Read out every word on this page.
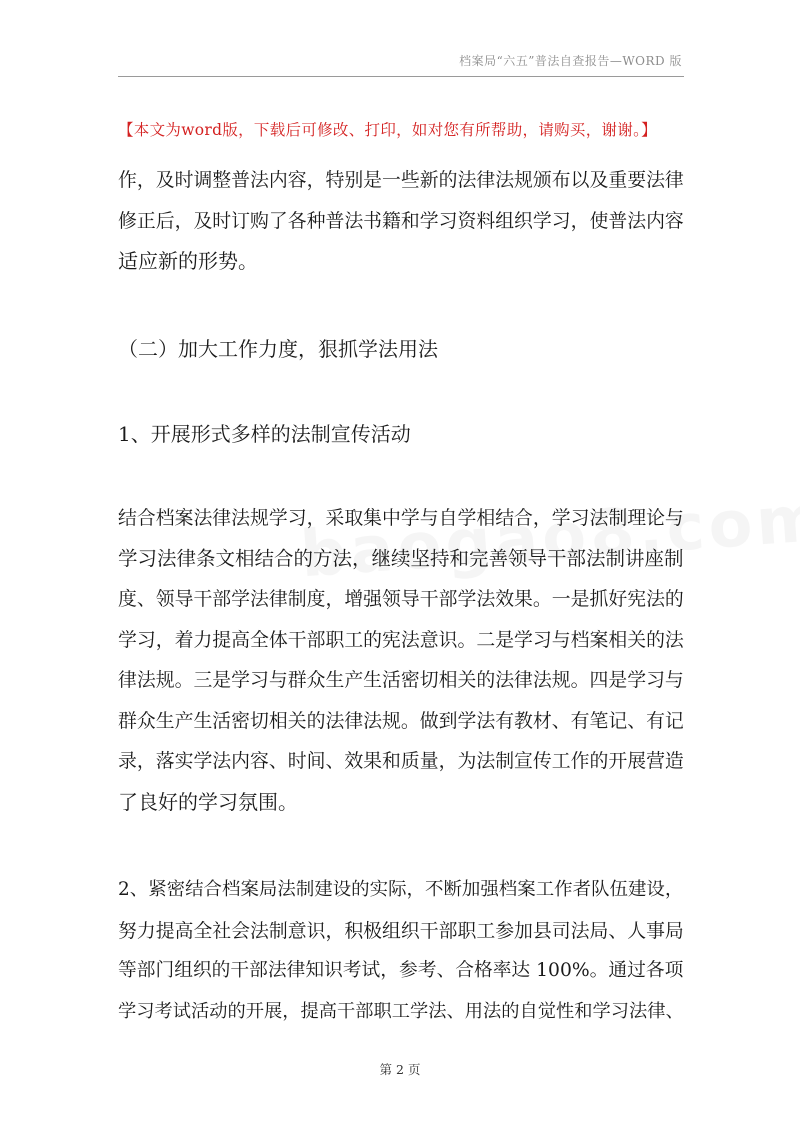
档案局“六五”普法自查报告—WORD 版
【本文为word版，下载后可修改、打印，如对您有所帮助，请购买，谢谢。】
作，及时调整普法内容，特别是一些新的法律法规颁布以及重要法律
修正后，及时订购了各种普法书籍和学习资料组织学习，使普法内容
适应新的形势。
（二）加大工作力度，狠抓学法用法
1、开展形式多样的法制宣传活动
结合档案法律法规学习，采取集中学与自学相结合，学习法制理论与
学习法律条文相结合的方法，继续坚持和完善领导干部法制讲座制
度、领导干部学法律制度，增强领导干部学法效果。一是抓好宪法的
学习，着力提高全体干部职工的宪法意识。二是学习与档案相关的法
律法规。三是学习与群众生产生活密切相关的法律法规。四是学习与
群众生产生活密切相关的法律法规。做到学法有教材、有笔记、有记
录，落实学法内容、时间、效果和质量，为法制宣传工作的开展营造
了良好的学习氛围。
2、紧密结合档案局法制建设的实际，不断加强档案工作者队伍建设，
努力提高全社会法制意识，积极组织干部职工参加县司法局、人事局
等部门组织的干部法律知识考试，参考、合格率达 100%。通过各项
学习考试活动的开展，提高干部职工学法、用法的自觉性和学习法律、
第 2 页
